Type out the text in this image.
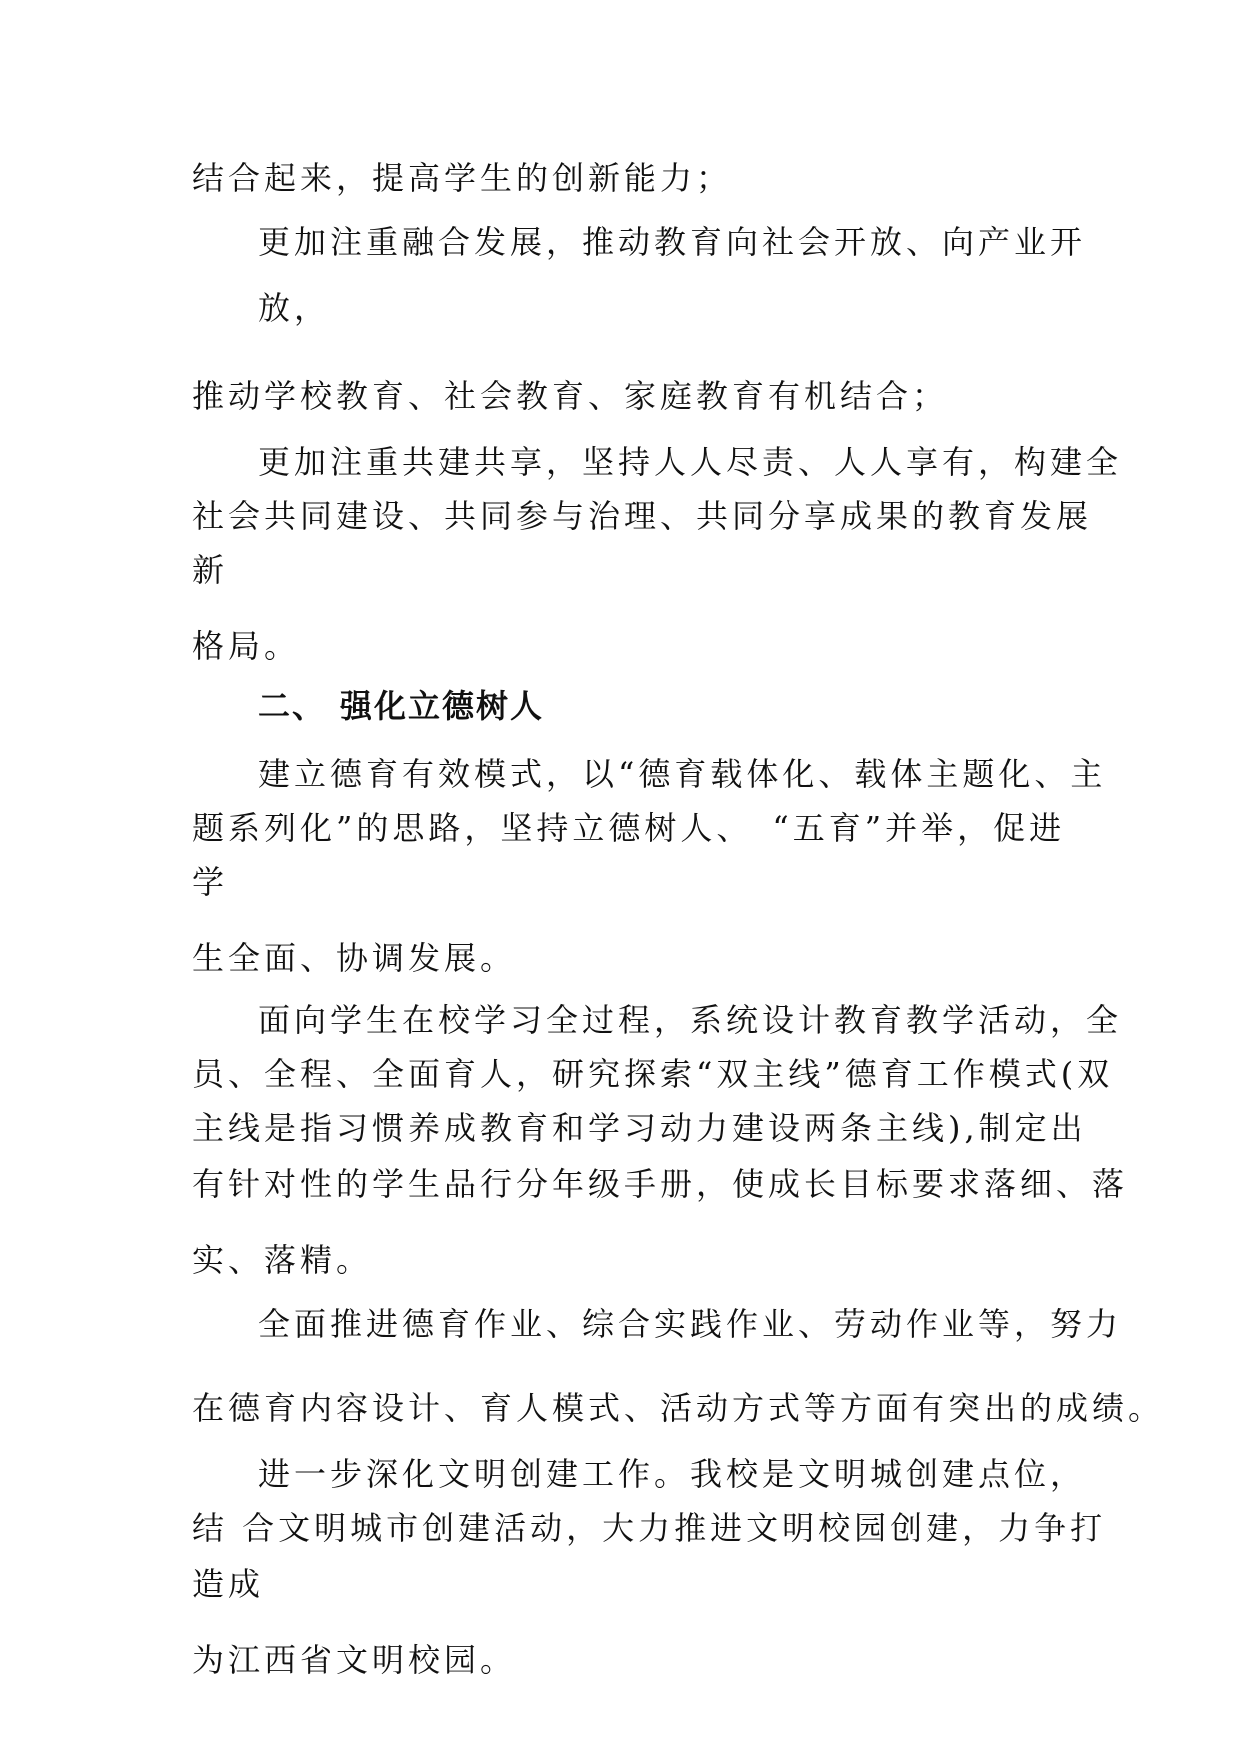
结合起来，提高学生的创新能力；
更加注重融合发展，推动教育向社会开放、向产业开
放，
推动学校教育、社会教育、家庭教育有机结合；
更加注重共建共享，坚持人人尽责、人人享有，构建全
社会共同建设、共同参与治理、共同分享成果的教育发展
新
格局。
二、 强化立德树人
建立德育有效模式，以“德育载体化、载体主题化、主
题系列化”的思路，坚持立德树人、　“五育”并举，促进
学
生全面、协调发展。
面向学生在校学习全过程，系统设计教育教学活动，全
员、全程、全面育人，研究探索“双主线”德育工作模式(双
主线是指习惯养成教育和学习动力建设两条主线),制定出
有针对性的学生品行分年级手册，使成长目标要求落细、落
实、落精。
全面推进德育作业、综合实践作业、劳动作业等，努力
在德育内容设计、育人模式、活动方式等方面有突出的成绩。
进一步深化文明创建工作。我校是文明城创建点位，
结 合文明城市创建活动，大力推进文明校园创建，力争打
造成
为江西省文明校园。
